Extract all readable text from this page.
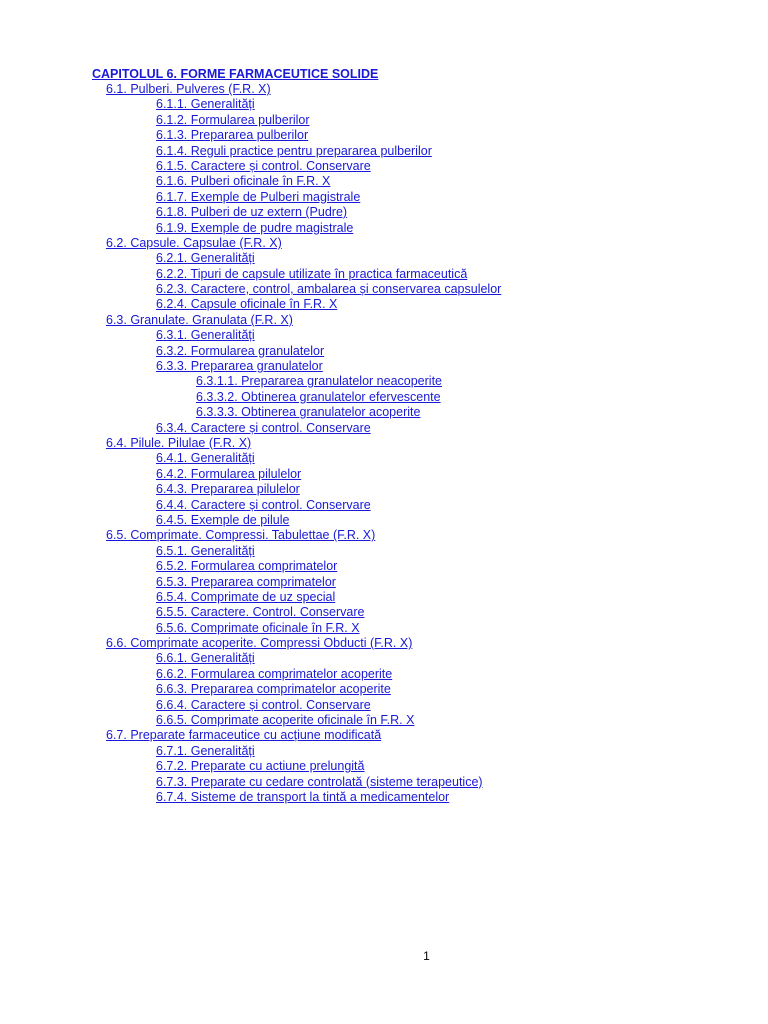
CAPITOLUL 6. FORME FARMACEUTICE SOLIDE
6.1. Pulberi. Pulveres (F.R. X)
6.1.1. Generalități
6.1.2. Formularea pulberilor
6.1.3. Prepararea pulberilor
6.1.4. Reguli practice pentru prepararea pulberilor
6.1.5. Caractere și control. Conservare
6.1.6. Pulberi oficinale în F.R. X
6.1.7. Exemple de Pulberi magistrale
6.1.8. Pulberi de uz extern (Pudre)
6.1.9. Exemple de pudre magistrale
6.2. Capsule. Capsulae (F.R. X)
6.2.1. Generalități
6.2.2. Tipuri de capsule utilizate în practica farmaceutică
6.2.3. Caractere, control, ambalarea și conservarea capsulelor
6.2.4. Capsule oficinale în F.R. X
6.3. Granulate. Granulata (F.R. X)
6.3.1. Generalități
6.3.2. Formularea granulatelor
6.3.3. Prepararea granulatelor
6.3.1.1. Prepararea granulatelor neacoperite
6.3.3.2. Obtinerea granulatelor efervescente
6.3.3.3. Obtinerea granulatelor acoperite
6.3.4. Caractere și control. Conservare
6.4. Pilule. Pilulae (F.R. X)
6.4.1. Generalități
6.4.2. Formularea pilulelor
6.4.3. Prepararea pilulelor
6.4.4. Caractere și control. Conservare
6.4.5. Exemple de pilule
6.5. Comprimate. Compressi. Tabulettae (F.R. X)
6.5.1. Generalități
6.5.2. Formularea comprimatelor
6.5.3. Prepararea comprimatelor
6.5.4. Comprimate de uz special
6.5.5. Caractere. Control. Conservare
6.5.6. Comprimate oficinale în F.R. X
6.6. Comprimate acoperite. Compressi Obducti (F.R. X)
6.6.1. Generalități
6.6.2. Formularea comprimatelor acoperite
6.6.3. Prepararea comprimatelor acoperite
6.6.4. Caractere și control. Conservare
6.6.5. Comprimate acoperite oficinale în F.R. X
6.7. Preparate farmaceutice cu acțiune modificată
6.7.1. Generalități
6.7.2. Preparate cu actiune prelungită
6.7.3. Preparate cu cedare controlată (sisteme terapeutice)
6.7.4. Sisteme de transport la tintă a medicamentelor
1
